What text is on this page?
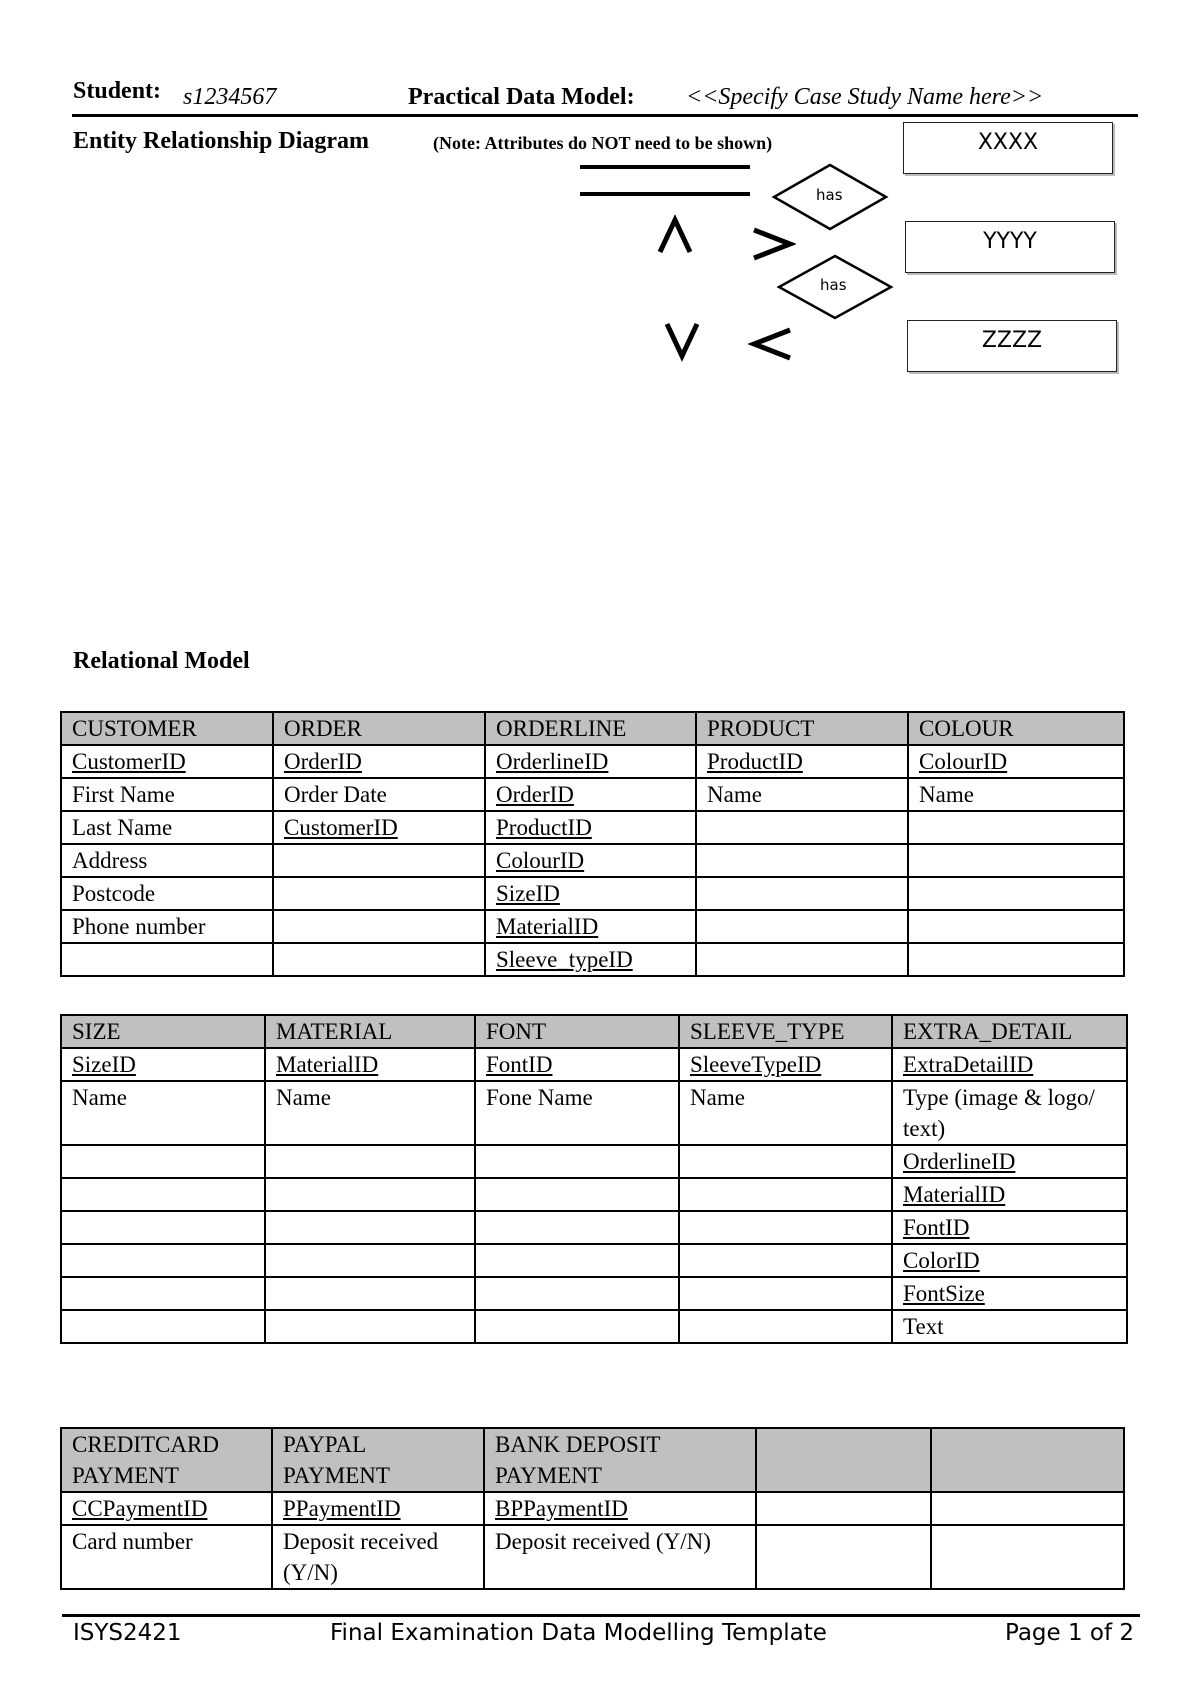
Student: s1234567	Practical Data Model: <<Specify Case Study Name here>>
Entity Relationship Diagram	(Note: Attributes do NOT need to be shown)
has
has
XXXX
YYYY
ZZZZ
Relational Model
CUSTOMER	ORDER	ORDERLINE	PRODUCT	COLOUR
CustomerID	OrderID	OrderlineID	ProductID	ColourID
First Name	Order Date	OrderID	Name	Name
Last Name	CustomerID	ProductID		
Address		ColourID		
Postcode		SizeID		
Phone number		MaterialID		
		Sleeve_typeID		
SIZE	MATERIAL	FONT	SLEEVE_TYPE	EXTRA_DETAIL
SizeID	MaterialID	FontID	SleeveTypeID	ExtraDetailID
Name	Name	Fone Name	Name	Type (image & logo/ text)
				OrderlineID
				MaterialID
				FontID
				ColorID
				FontSize
				Text
CREDITCARD PAYMENT	PAYPAL PAYMENT	BANK DEPOSIT PAYMENT		
CCPaymentID	PPaymentID	BPPaymentID		
Card number	Deposit received (Y/N)	Deposit received (Y/N)		
ISYS2421	Final Examination Data Modelling Template	Page 1 of 2
